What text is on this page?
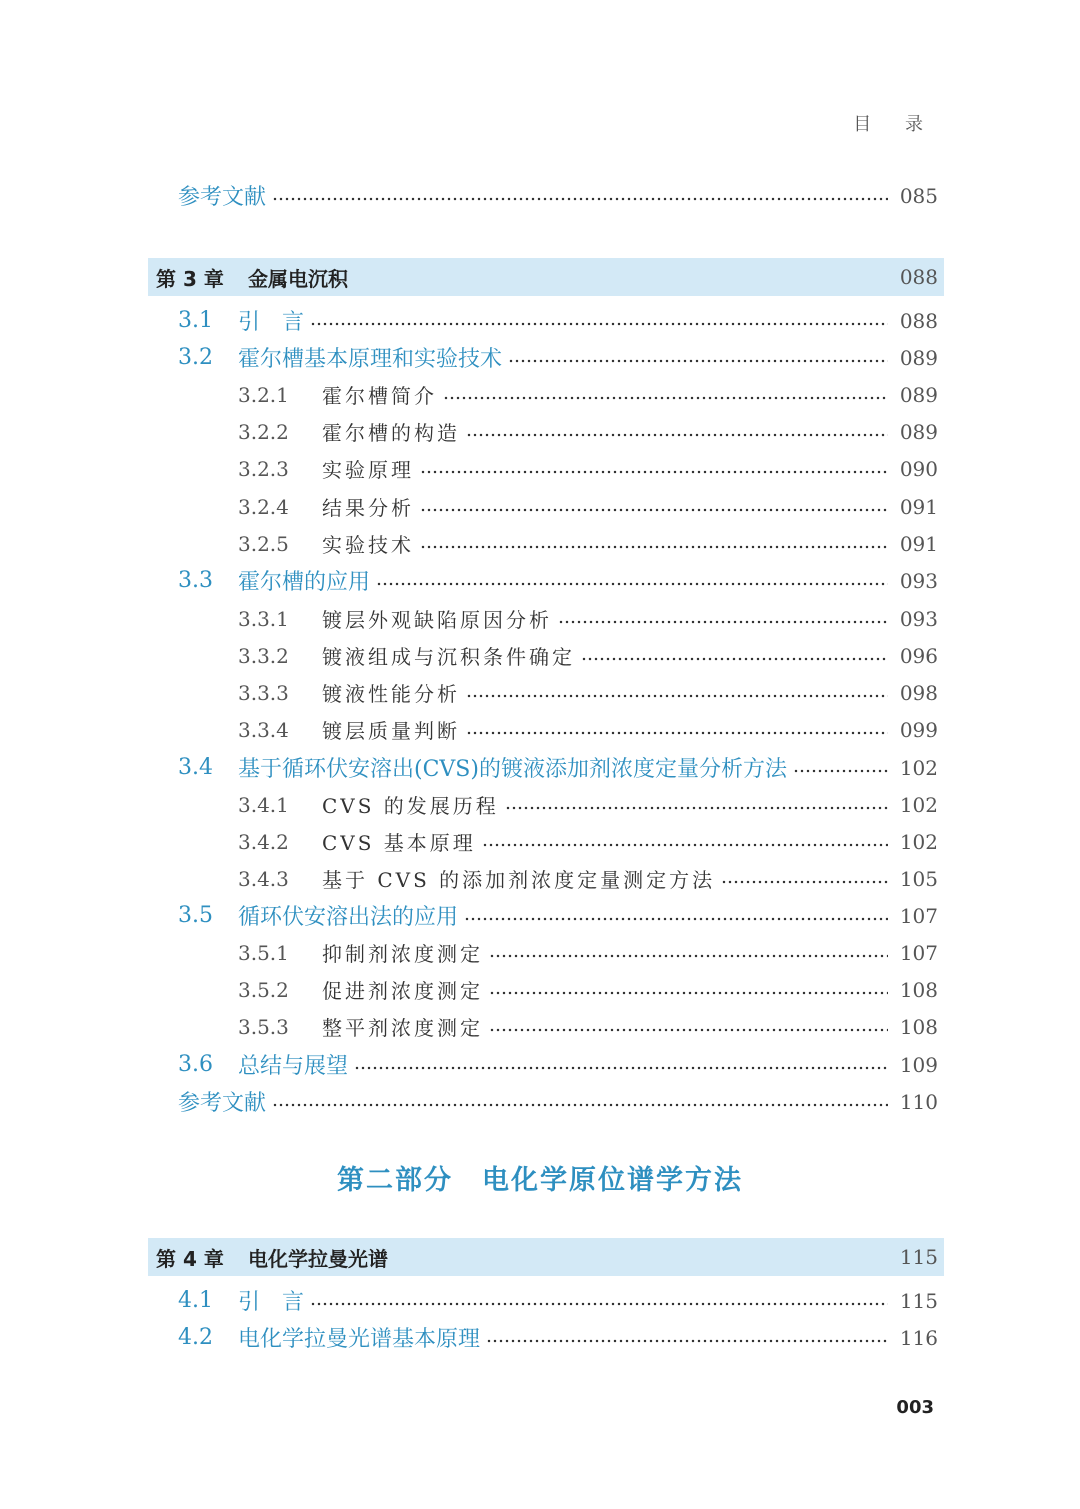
目 录
参考文献	085
第 3 章	金属电沉积	088
3.1	引　言	088
3.2	霍尔槽基本原理和实验技术	089
3.2.1	霍尔槽简介	089
3.2.2	霍尔槽的构造	089
3.2.3	实验原理	090
3.2.4	结果分析	091
3.2.5	实验技术	091
3.3	霍尔槽的应用	093
3.3.1	镀层外观缺陷原因分析	093
3.3.2	镀液组成与沉积条件确定	096
3.3.3	镀液性能分析	098
3.3.4	镀层质量判断	099
3.4	基于循环伏安溶出(CVS)的镀液添加剂浓度定量分析方法	102
3.4.1	CVS 的发展历程	102
3.4.2	CVS 基本原理	102
3.4.3	基于 CVS 的添加剂浓度定量测定方法	105
3.5	循环伏安溶出法的应用	107
3.5.1	抑制剂浓度测定	107
3.5.2	促进剂浓度测定	108
3.5.3	整平剂浓度测定	108
3.6	总结与展望	109
参考文献	110
第二部分　电化学原位谱学方法
第 4 章	电化学拉曼光谱	115
4.1	引　言	115
4.2	电化学拉曼光谱基本原理	116
003
